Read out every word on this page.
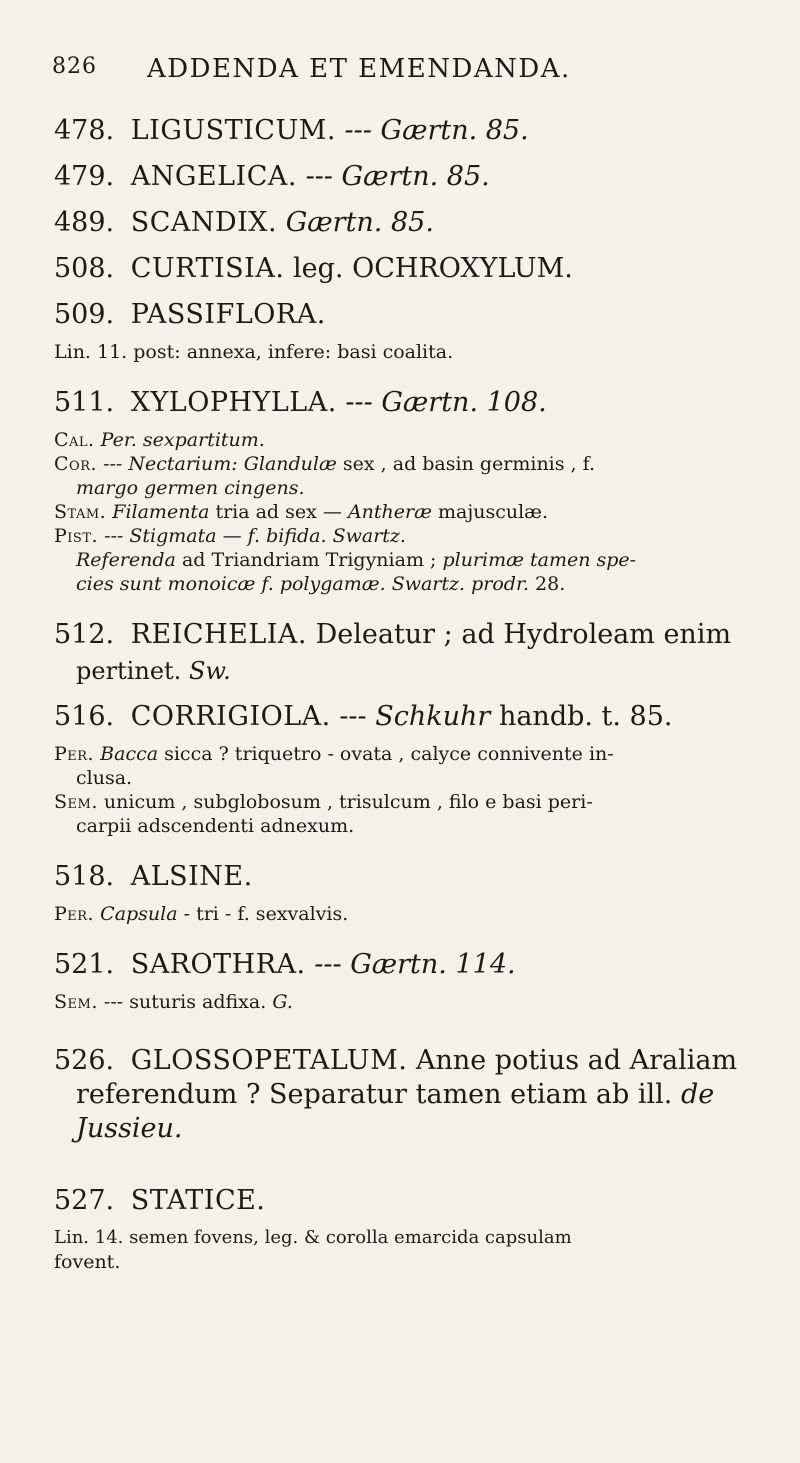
826 ADDENDA ET EMENDANDA.
478. LIGUSTICUM. --- Gærtn. 85.
479. ANGELICA. --- Gærtn. 85.
489. SCANDIX. Gærtn. 85.
508. CURTISIA. leg. OCHROXYLUM.
509. PASSIFLORA.

Lin. 11. post: annexa, infere: basi coalita.

511. XYLOPHYLLA. --- Gærtn. 108.

Cal. Per. sexpartitum.

Cor. --- Nectarium: Glandulæ sex , ad basin germinis , f.

margo germen cingens.

Stam. Filamenta tria ad sex — Antheræ majusculæ.

Pist. --- Stigmata — f. bifida. Swartz.

Referenda ad Triandriam Trigyniam ; plurimæ tamen spe-

cies sunt monoicæ f. polygamæ. Swartz. prodr. 28.

512. REICHELIA. Deleatur ; ad Hydroleam enim
pertinet. Sw.
516. CORRIGIOLA. --- Schkuhr handb. t. 85.

Per. Bacca sicca ? triquetro - ovata , calyce connivente in-

clusa.

Sem. unicum , subglobosum , trisulcum , filo e basi peri-

carpii adscendenti adnexum.

518. ALSINE.

Per. Capsula - tri - f. sexvalvis.

521. SAROTHRA. --- Gærtn. 114.

Sem. --- suturis adfixa. G.

526. GLOSSOPETALUM. Anne potius ad Araliam
referendum ? Separatur tamen etiam ab ill. de
Jussieu.
527. STATICE.

Lin. 14. semen fovens, leg. & corolla emarcida capsulam

fovent.
